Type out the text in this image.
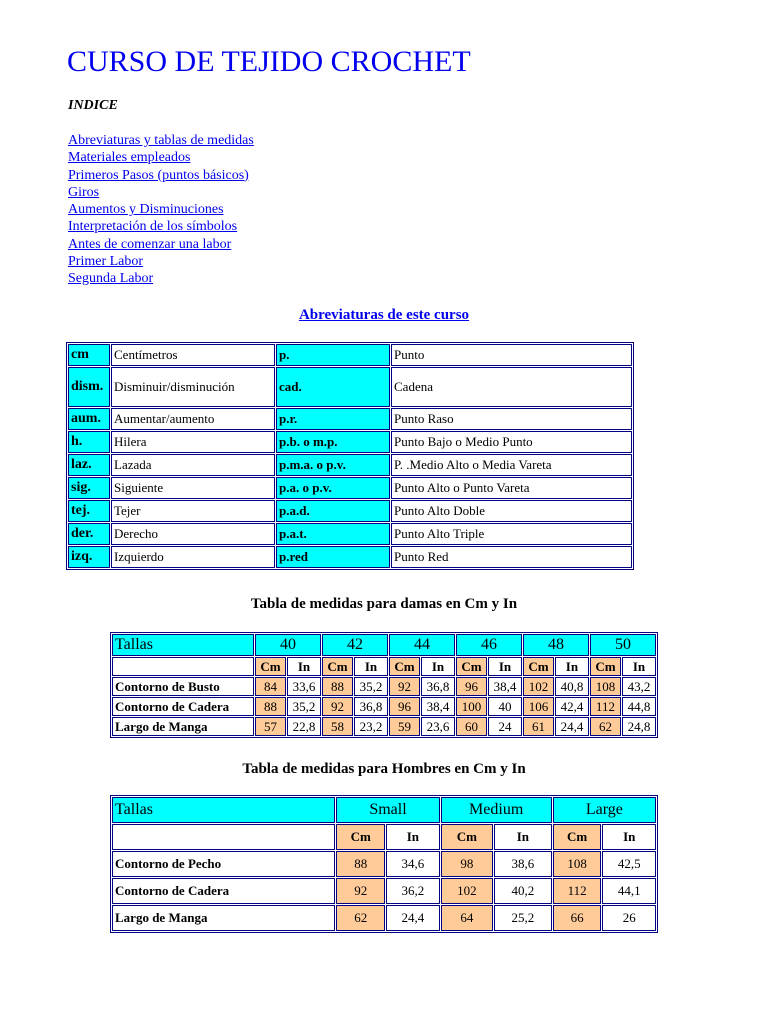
CURSO DE TEJIDO CROCHET
INDICE
Abreviaturas y tablas de medidas
Materiales empleados
Primeros Pasos (puntos básicos)
Giros
Aumentos y Disminuciones
Interpretación de los símbolos
Antes de comenzar una labor
Primer Labor
Segunda Labor
Abreviaturas de este curso
cm	Centímetros	p.	Punto
dism.	Disminuir/disminución	cad.	Cadena
aum.	Aumentar/aumento	p.r.	Punto Raso
h.	Hilera	p.b. o m.p.	Punto Bajo o Medio Punto
laz.	Lazada	p.m.a. o p.v.	P. .Medio Alto o Media Vareta
sig.	Siguiente	p.a. o p.v.	Punto Alto o Punto Vareta
tej.	Tejer	p.a.d.	Punto Alto Doble
der.	Derecho	p.a.t.	Punto Alto Triple
izq.	Izquierdo	p.red	Punto Red
Tabla de medidas para damas en Cm y In
Tallas	40		42		44		46		48		50	
	Cm	In	Cm	In	Cm	In	Cm	In	Cm	In	Cm	In
Contorno de Busto	84	33,6	88	35,2	92	36,8	96	38,4	102	40,8	108	43,2
Contorno de Cadera	88	35,2	92	36,8	96	38,4	100	40	106	42,4	112	44,8
Largo de Manga	57	22,8	58	23,2	59	23,6	60	24	61	24,4	62	24,8
Tabla de medidas para Hombres en Cm y In
Tallas	Small		Medium		Large	
	Cm	In	Cm	In	Cm	In
Contorno de Pecho	88	34,6	98	38,6	108	42,5
Contorno de Cadera	92	36,2	102	40,2	112	44,1
Largo de Manga	62	24,4	64	25,2	66	26
